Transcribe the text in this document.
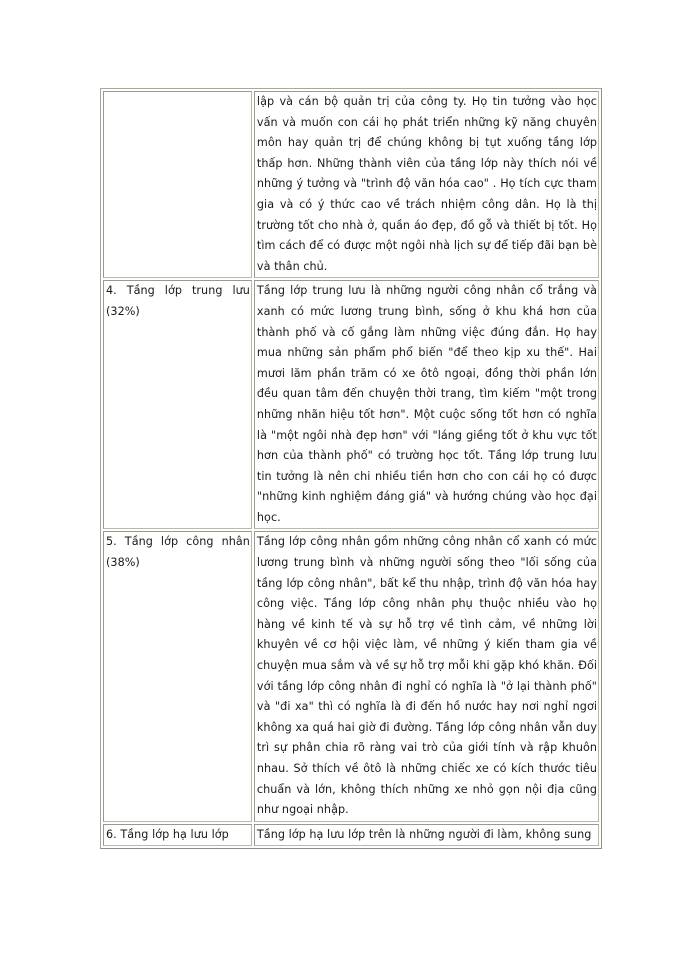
	lập và cán bộ quản trị của công ty. Họ tin tưởng vào học vấn và muốn con cái họ phát triển những kỹ năng chuyên môn hay quản trị để chúng không bị tụt xuống tầng lớp thấp hơn. Những thành viên của tầng lớp này thích nói về những ý tưởng và "trình độ văn hóa cao" . Họ tích cực tham gia và có ý thức cao về trách nhiệm công dân. Họ là thị trường tốt cho nhà ở, quần áo đẹp, đồ gỗ và thiết bị tốt. Họ tìm cách để có được một ngôi nhà lịch sự để tiếp đãi bạn bè và thân chủ.
4. Tầng lớp trung lưu (32%)	Tầng lớp trung lưu là những người công nhân cổ trắng và xanh có mức lương trung bình, sống ở khu khá hơn của thành phố và cố gắng làm những việc đúng đắn. Họ hay mua những sản phẩm phổ biến "để theo kịp xu thế". Hai mươi lăm phần trăm có xe ôtô ngoại, đồng thời phần lớn đều quan tâm đến chuyện thời trang, tìm kiếm "một trong những nhãn hiệu tốt hơn". Một cuộc sống tốt hơn có nghĩa là "một ngôi nhà đẹp hơn" với "láng giềng tốt ở khu vực tốt hơn của thành phố" có trường học tốt. Tầng lớp trung lưu tin tưởng là nên chi nhiều tiền hơn cho con cái họ có được "những kinh nghiệm đáng giá" và hướng chúng vào học đại học.
5. Tầng lớp công nhân (38%)	Tầng lớp công nhân gồm những công nhân cổ xanh có mức lương trung bình và những người sống theo "lối sống của tầng lớp công nhân", bất kể thu nhập, trình độ văn hóa hay công việc. Tầng lớp công nhân phụ thuộc nhiều vào họ hàng về kinh tế và sự hỗ trợ về tình cảm, về những lời khuyên về cơ hội việc làm, về những ý kiến tham gia về chuyện mua sắm và về sự hỗ trợ mỗi khi gặp khó khăn. Đối với tầng lớp công nhân đi nghỉ có nghĩa là "ở lại thành phố" và "đi xa" thì có nghĩa là đi đến hồ nước hay nơi nghỉ ngơi không xa quá hai giờ đi đường. Tầng lớp công nhân vẫn duy trì sự phân chia rõ ràng vai trò của giới tính và rập khuôn nhau. Sở thích về ôtô là những chiếc xe có kích thước tiêu chuẩn và lớn, không thích những xe nhỏ gọn nội địa cũng như ngoại nhập.
6. Tầng lớp hạ lưu lớp	Tầng lớp hạ lưu lớp trên là những người đi làm, không sung
